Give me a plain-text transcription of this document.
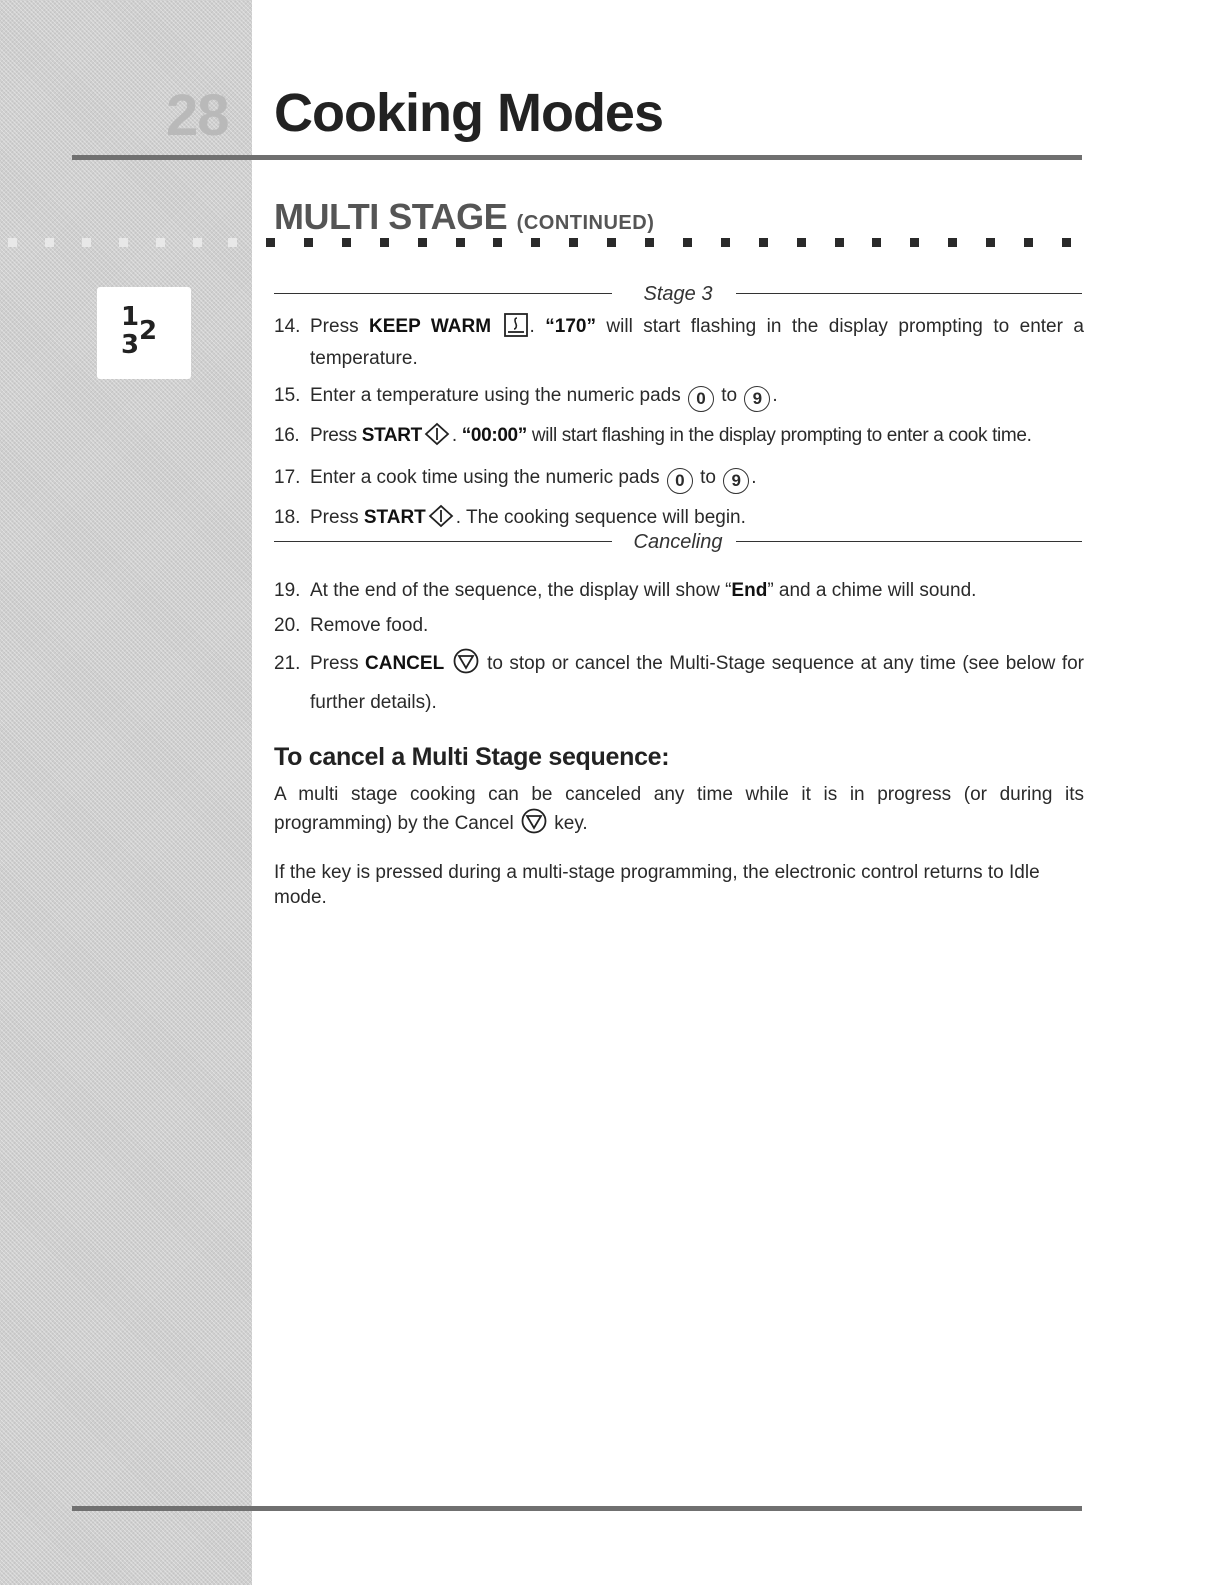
28 Cooking Modes
MULTI STAGE (CONTINUED)
1 2
3
Stage 3
14. Press KEEP WARM . “170” will start flashing in the display prompting to enter a temperature.
15. Enter a temperature using the numeric pads 0 to 9 .
16. Press START . “00:00” will start flashing in the display prompting to enter a cook time.
17. Enter a cook time using the numeric pads 0 to 9 .
18. Press START . The cooking sequence will begin.
Canceling
19. At the end of the sequence, the display will show “End” and a chime will sound.
20. Remove food.
21. Press CANCEL  to stop or cancel the Multi-Stage sequence at any time (see below for further details).
To cancel a Multi Stage sequence:

A multi stage cooking can be canceled any time while it is in progress (or during its programming) by the Cancel  key.

If the key is pressed during a multi-stage programming, the electronic control returns to Idle mode.
